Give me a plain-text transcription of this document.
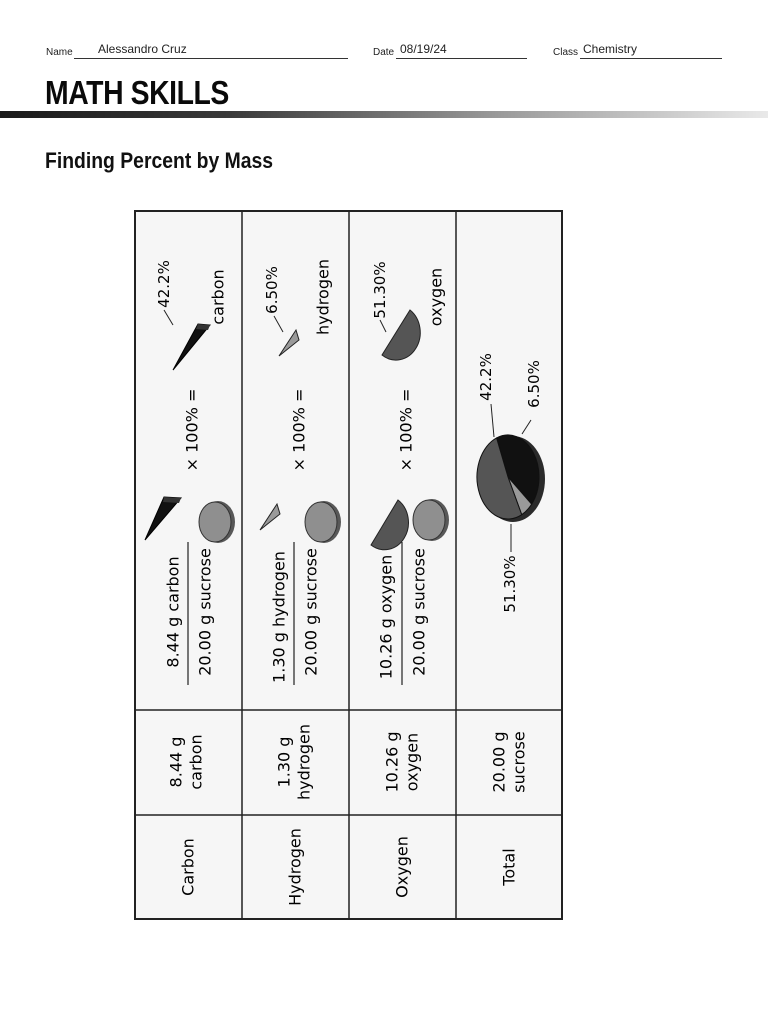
Name Alessandro Cruz	Date 08/19/24	Class Chemistry
MATH SKILLS
Finding Percent by Mass
Carbon
8.44 g carbon
8.44 g carbon 20.00 g sucrose
× 100% =
42.2% carbon
Hydrogen
1.30 g hydrogen
1.30 g hydrogen 20.00 g sucrose
× 100% =
6.50% hydrogen
Oxygen
10.26 g oxygen
10.26 g oxygen 20.00 g sucrose
× 100% =
51.30% oxygen
Total
20.00 g sucrose
42.2% 6.50%
51.30%
